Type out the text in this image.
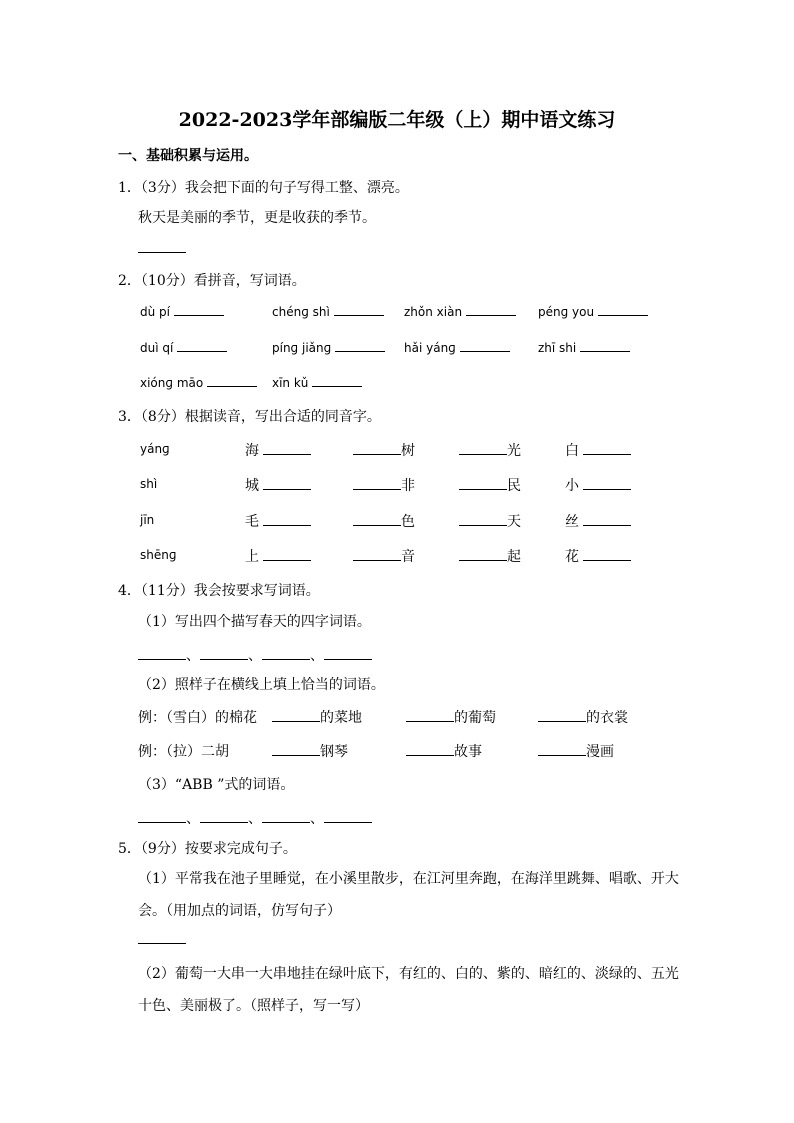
2022-2023学年部编版二年级（上）期中语文练习
一、基础积累与运用。
1．（3分）我会把下面的句子写得工整、漂亮。
秋天是美丽的季节，更是收获的季节。
2．（10分）看拼音，写词语。
dù pí	chénɡ shì	zhǒn xiàn	pénɡ you
duì qí	pínɡ jiǎnɡ	hǎi yánɡ	zhī shi
xiónɡ māo	xīn kǔ
3．（8分）根据读音，写出合适的同音字。
yánɡ	海	树	光	白
shì	城	非	民	小
jīn	毛	色	天	丝
shēnɡ	上	音	起	花
4．（11分）我会按要求写词语。
（1）写出四个描写春天的四字词语。
、	、	、
（2）照样子在横线上填上恰当的词语。
例：（雪白）的棉花	的菜地	的葡萄	的衣裳
例：（拉）二胡	钢琴	故事	漫画
（3）“ABB ”式的词语。
、	、	、
5．（9分）按要求完成句子。
（1）平常我在池子里睡觉，在小溪里散步，在江河里奔跑，在海洋里跳舞、唱歌、开大
会。（用加点的词语，仿写句子）
（2）葡萄一大串一大串地挂在绿叶底下，有红的、白的、紫的、暗红的、淡绿的、五光
十色、美丽极了。（照样子，写一写）
